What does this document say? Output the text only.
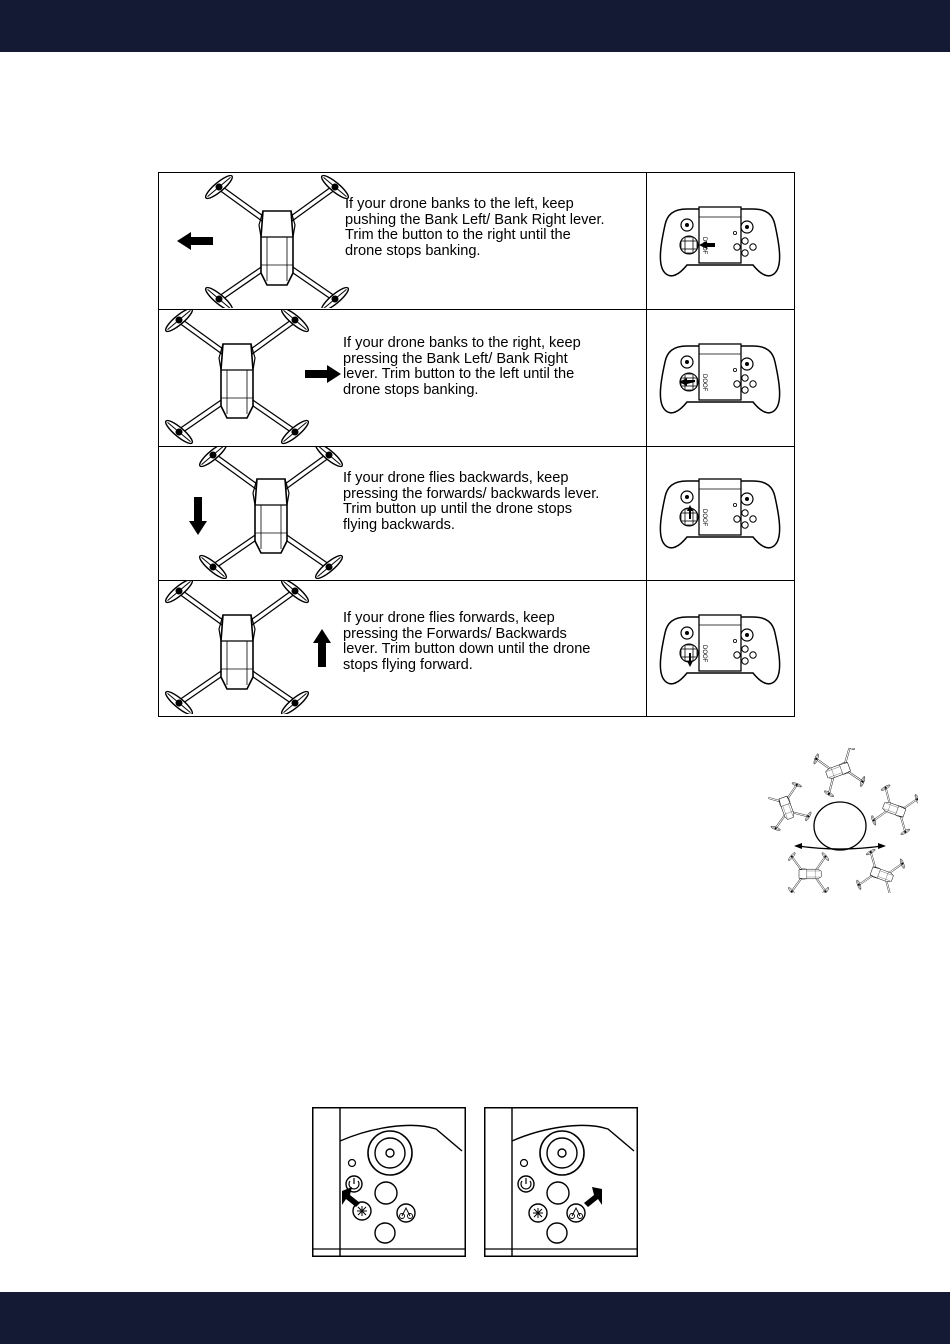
If your drone banks to the left, keep pushing the Bank Left/ Bank Right lever. Trim the button to the right until the drone stops banking.
If your drone banks to the right, keep pressing the Bank Left/ Bank Right lever. Trim button to the left until the drone stops banking.
If your drone flies backwards, keep pressing the forwards/ backwards lever. Trim button up until the drone stops flying backwards.
If your drone flies forwards, keep pressing the Forwards/ Backwards lever. Trim button down until the drone stops flying forward.
